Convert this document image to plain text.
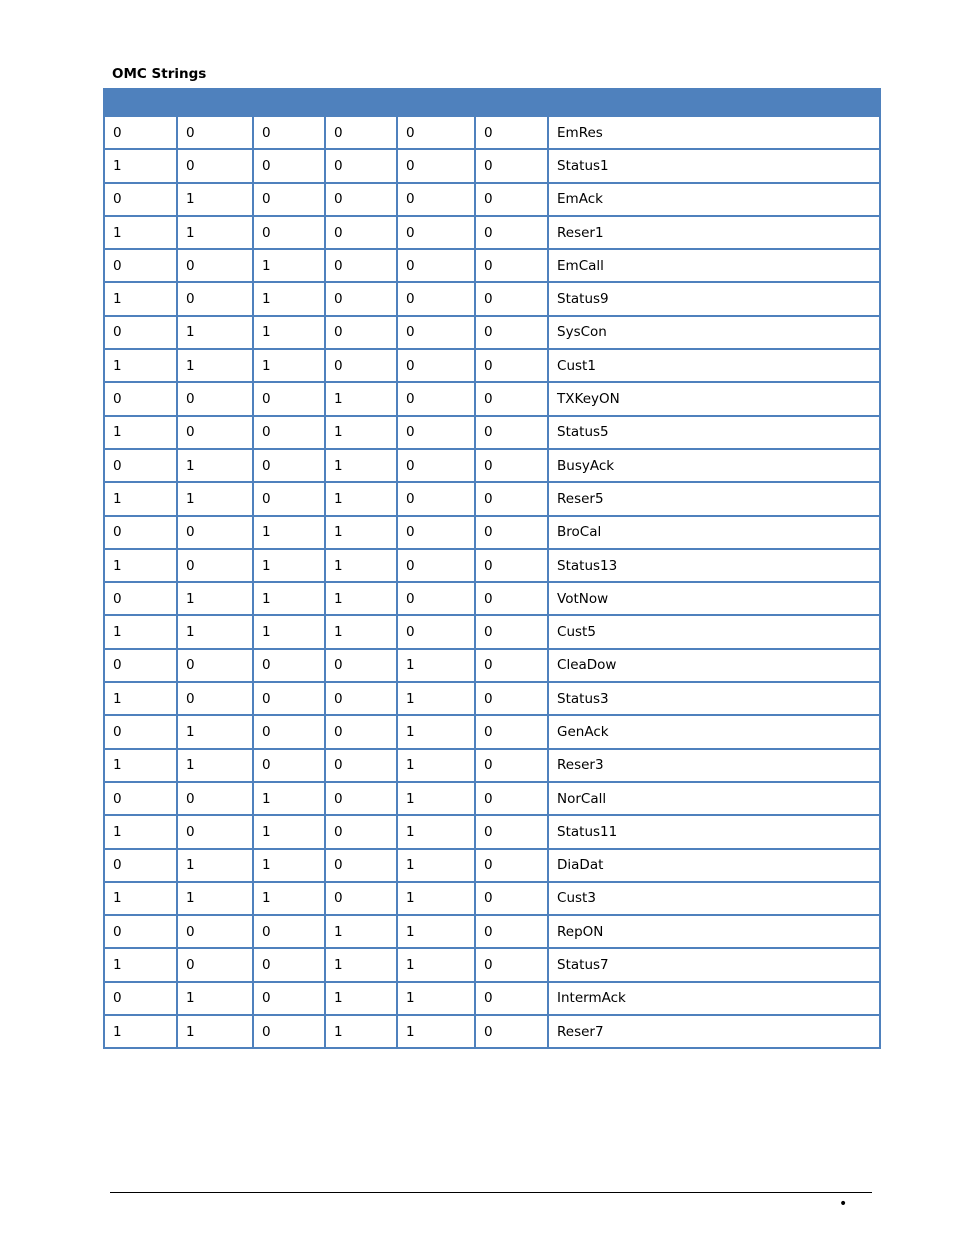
OMC Strings

0	0	0	0	0	0	EmRes
1	0	0	0	0	0	Status1
0	1	0	0	0	0	EmAck
1	1	0	0	0	0	Reser1
0	0	1	0	0	0	EmCall
1	0	1	0	0	0	Status9
0	1	1	0	0	0	SysCon
1	1	1	0	0	0	Cust1
0	0	0	1	0	0	TXKeyON
1	0	0	1	0	0	Status5
0	1	0	1	0	0	BusyAck
1	1	0	1	0	0	Reser5
0	0	1	1	0	0	BroCal
1	0	1	1	0	0	Status13
0	1	1	1	0	0	VotNow
1	1	1	1	0	0	Cust5
0	0	0	0	1	0	CleaDow
1	0	0	0	1	0	Status3
0	1	0	0	1	0	GenAck
1	1	0	0	1	0	Reser3
0	0	1	0	1	0	NorCall
1	0	1	0	1	0	Status11
0	1	1	0	1	0	DiaDat
1	1	1	0	1	0	Cust3
0	0	0	1	1	0	RepON
1	0	0	1	1	0	Status7
0	1	0	1	1	0	IntermAck
1	1	0	1	1	0	Reser7
•
